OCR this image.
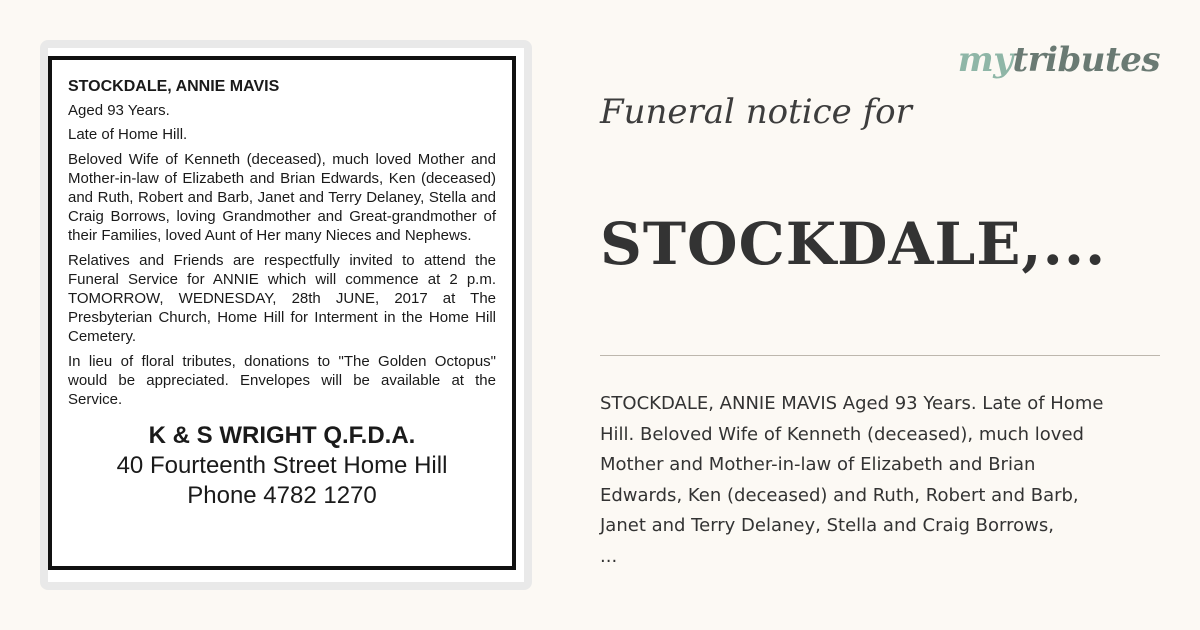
STOCKDALE, ANNIE MAVIS
Aged 93 Years.
Late of Home Hill.
Beloved Wife of Kenneth (deceased), much loved Mother and Mother-in-law of Elizabeth and Brian Edwards, Ken (deceased) and Ruth, Robert and Barb, Janet and Terry Delaney, Stella and Craig Borrows, loving Grandmother and Great-grandmother of their Families, loved Aunt of Her many Nieces and Nephews.
Relatives and Friends are respectfully invited to attend the Funeral Service for ANNIE which will commence at 2 p.m. TOMORROW, WEDNESDAY, 28th JUNE, 2017 at The Presbyterian Church, Home Hill for Interment in the Home Hill Cemetery.
In lieu of floral tributes, donations to "The Golden Octopus" would be appreciated. Envelopes will be available at the Service.
K & S WRIGHT Q.F.D.A.
40 Fourteenth Street Home Hill
Phone 4782 1270
mytributes
Funeral notice for
STOCKDALE,...
STOCKDALE, ANNIE MAVIS Aged 93 Years. Late of Home
Hill. Beloved Wife of Kenneth (deceased), much loved
Mother and Mother-in-law of Elizabeth and Brian
Edwards, Ken (deceased) and Ruth, Robert and Barb,
Janet and Terry Delaney, Stella and Craig Borrows,
...
